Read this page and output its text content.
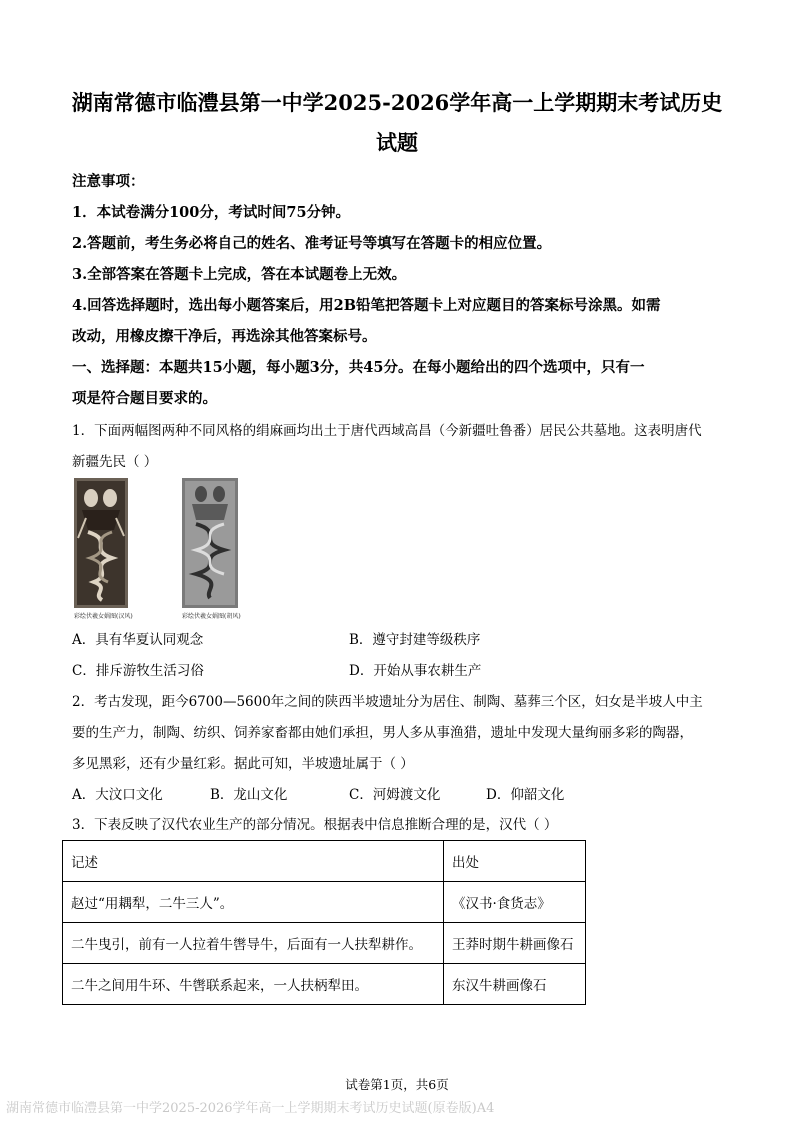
湖南常德市临澧县第一中学2025-2026学年高一上学期期末考试历史
试题
注意事项：
1．本试卷满分100分，考试时间75分钟。
2.答题前，考生务必将自己的姓名、准考证号等填写在答题卡的相应位置。
3.全部答案在答题卡上完成，答在本试题卷上无效。
4.回答选择题时，选出每小题答案后，用2B铅笔把答题卡上对应题目的答案标号涂黑。如需
改动，用橡皮擦干净后，再选涂其他答案标号。
一、选择题：本题共15小题，每小题3分，共45分。在每小题给出的四个选项中，只有一
项是符合题目要求的。
1．下面两幅图两种不同风格的绢麻画均出土于唐代西域高昌（今新疆吐鲁番）居民公共墓地。这表明唐代
新疆先民（ ）
彩绘伏羲女娲图(汉风)	彩绘伏羲女娲图(胡风)
A．具有华夏认同观念	B．遵守封建等级秩序
C．排斥游牧生活习俗	D．开始从事农耕生产
2．考古发现，距今6700—5600年之间的陕西半坡遗址分为居住、制陶、墓葬三个区，妇女是半坡人中主
要的生产力，制陶、纺织、饲养家畜都由她们承担，男人多从事渔猎，遗址中发现大量绚丽多彩的陶器，
多见黑彩，还有少量红彩。据此可知，半坡遗址属于（ ）
A．大汶口文化	B．龙山文化	C．河姆渡文化	D．仰韶文化
3．下表反映了汉代农业生产的部分情况。根据表中信息推断合理的是，汉代（ ）
记述	出处
赵过“用耦犁，二牛三人”。	《汉书·食货志》
二牛曳引，前有一人拉着牛辔导牛，后面有一人扶犁耕作。	王莽时期牛耕画像石
二牛之间用牛环、牛辔联系起来，一人扶柄犁田。	东汉牛耕画像石
试卷第1页，共6页
湖南常德市临澧县第一中学2025-2026学年高一上学期期末考试历史试题(原卷版)A4
